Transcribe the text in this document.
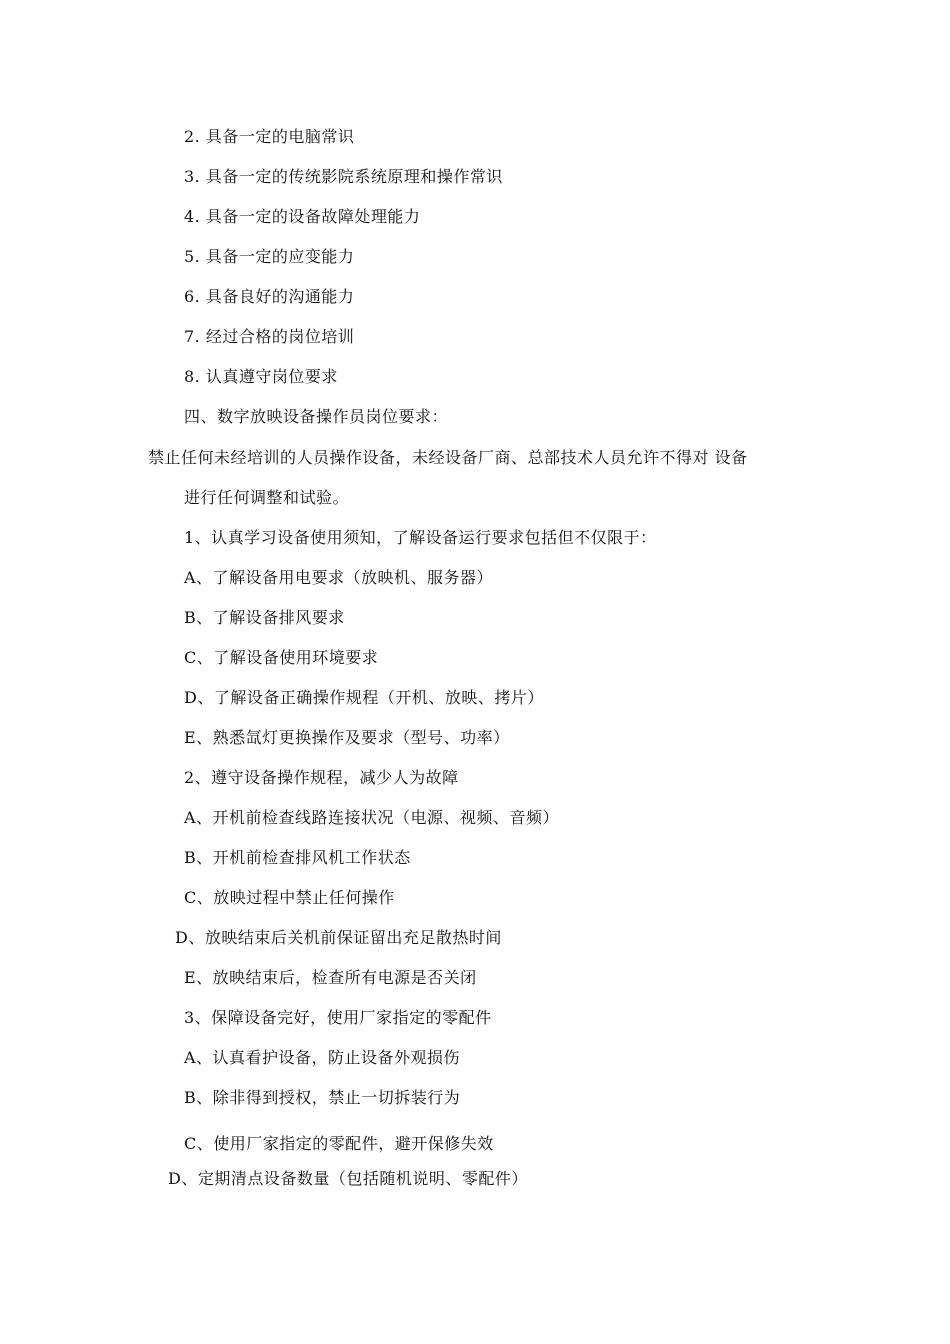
2. 具备一定的电脑常识
3. 具备一定的传统影院系统原理和操作常识
4. 具备一定的设备故障处理能力
5. 具备一定的应变能力
6. 具备良好的沟通能力
7. 经过合格的岗位培训
8. 认真遵守岗位要求
四、数字放映设备操作员岗位要求：
禁止任何未经培训的人员操作设备，未经设备厂商、总部技术人员允许不得对 设备
进行任何调整和试验。
1、认真学习设备使用须知，了解设备运行要求包括但不仅限于：
A、了解设备用电要求（放映机、服务器）
B、了解设备排风要求
C、了解设备使用环境要求
D、了解设备正确操作规程（开机、放映、拷片）
E、熟悉氙灯更换操作及要求（型号、功率）
2、遵守设备操作规程，减少人为故障
A、开机前检查线路连接状况（电源、视频、音频）
B、开机前检查排风机工作状态
C、放映过程中禁止任何操作
D、放映结束后关机前保证留出充足散热时间
E、放映结束后，检查所有电源是否关闭
3、保障设备完好，使用厂家指定的零配件
A、认真看护设备，防止设备外观损伤
B、除非得到授权，禁止一切拆装行为
C、使用厂家指定的零配件，避开保修失效
D、定期清点设备数量（包括随机说明、零配件）
